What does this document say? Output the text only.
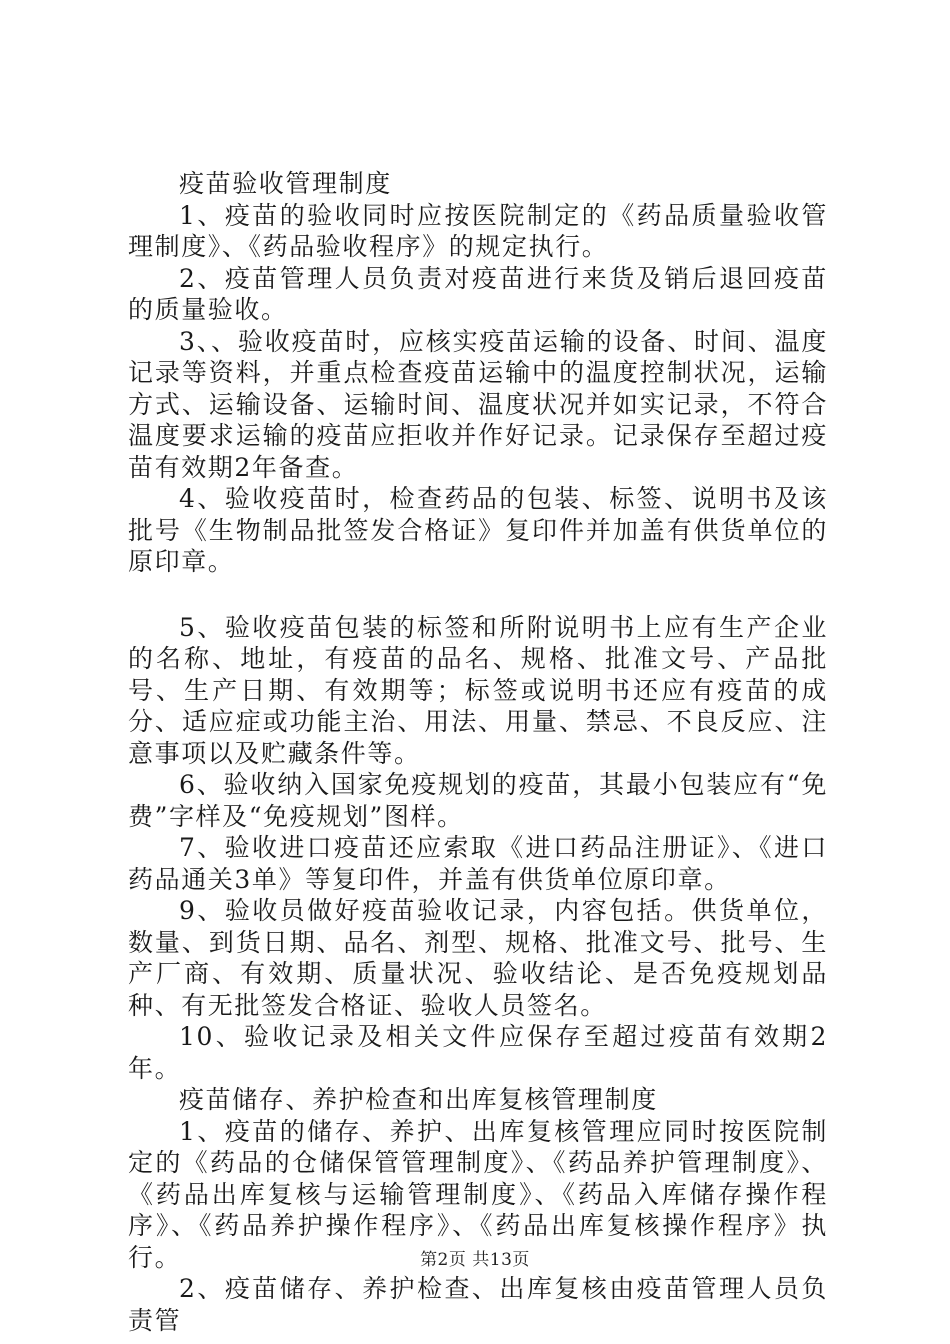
疫苗验收管理制度

1、疫苗的验收同时应按医院制定的《药品质量验收管理制度》、《药品验收程序》的规定执行。

2、疫苗管理人员负责对疫苗进行来货及销后退回疫苗的质量验收。

3、、验收疫苗时，应核实疫苗运输的设备、时间、温度记录等资料，并重点检查疫苗运输中的温度控制状况，运输方式、运输设备、运输时间、温度状况并如实记录，不符合温度要求运输的疫苗应拒收并作好记录。记录保存至超过疫苗有效期2年备查。

4、验收疫苗时，检查药品的包装、标签、说明书及该批号《生物制品批签发合格证》复印件并加盖有供货单位的原印章。

5、验收疫苗包装的标签和所附说明书上应有生产企业的名称、地址，有疫苗的品名、规格、批准文号、产品批号、生产日期、有效期等；标签或说明书还应有疫苗的成分、适应症或功能主治、用法、用量、禁忌、不良反应、注意事项以及贮藏条件等。

6、验收纳入国家免疫规划的疫苗，其最小包装应有“免费”字样及“免疫规划”图样。

7、验收进口疫苗还应索取《进口药品注册证》、《进口药品通关3单》等复印件，并盖有供货单位原印章。

9、验收员做好疫苗验收记录，内容包括。供货单位，数量、到货日期、品名、剂型、规格、批准文号、批号、生产厂商、有效期、质量状况、验收结论、是否免疫规划品种、有无批签发合格证、验收人员签名。

10、验收记录及相关文件应保存至超过疫苗有效期2年。

疫苗储存、养护检查和出库复核管理制度

1、疫苗的储存、养护、出库复核管理应同时按医院制定的《药品的仓储保管管理制度》、《药品养护管理制度》、《药品出库复核与运输管理制度》、《药品入库储存操作程序》、《药品养护操作程序》、《药品出库复核操作程序》执行。

2、疫苗储存、养护检查、出库复核由疫苗管理人员负责管

第2页 共13页
